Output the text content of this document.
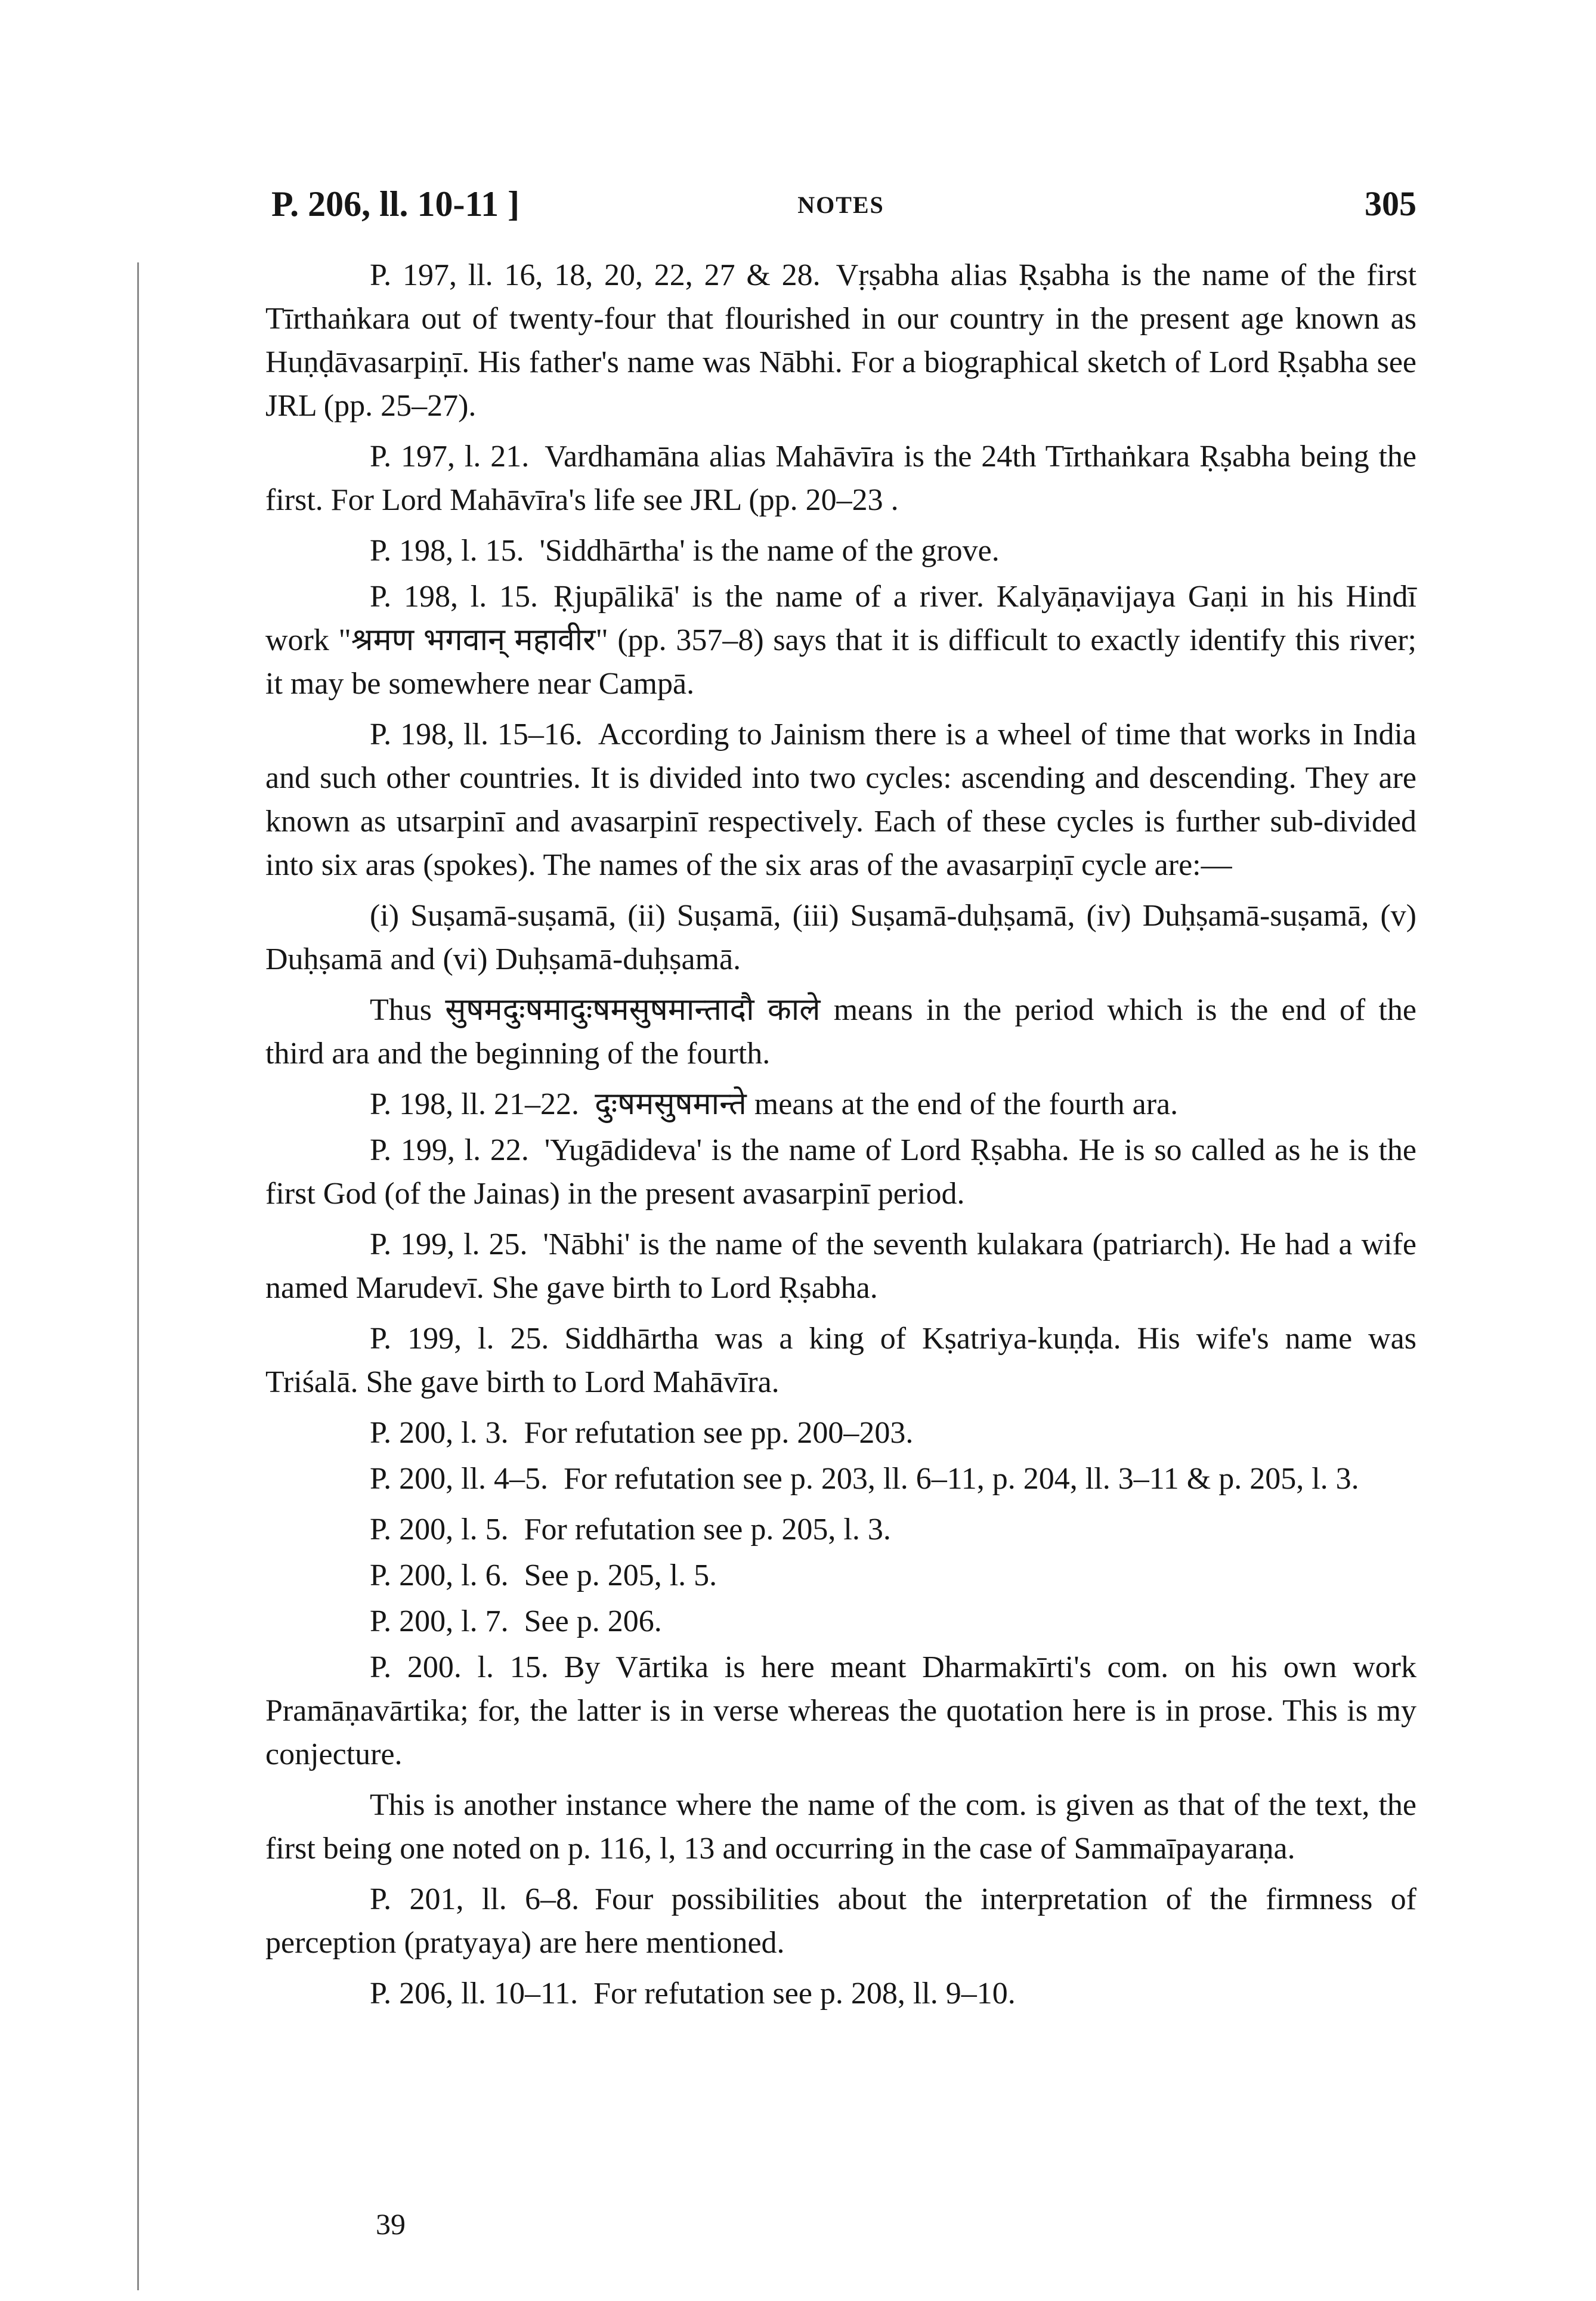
P. 206, ll. 10-11 ]	NOTES	305

P. 197, ll. 16, 18, 20, 22, 27 & 28. Vṛṣabha alias Ṛṣabha is the name of the first Tīrthaṅkara out of twenty-four that flourished in our country in the present age known as Huṇḍāvasarpiṇī. His father's name was Nābhi. For a biographical sketch of Lord Ṛṣabha see JRL (pp. 25–27).

P. 197, l. 21. Vardhamāna alias Mahāvīra is the 24th Tīrthaṅkara Ṛṣabha being the first. For Lord Mahāvīra's life see JRL (pp. 20–23 .

P. 198, l. 15. 'Siddhārtha' is the name of the grove.

P. 198, l. 15. Ṛjupālikā' is the name of a river. Kalyāṇavijaya Gaṇi in his Hindī work "श्रमण भगवान् महावीर" (pp. 357–8) says that it is difficult to exactly identify this river; it may be somewhere near Campā.

P. 198, ll. 15–16. According to Jainism there is a wheel of time that works in India and such other countries. It is divided into two cycles: ascending and descending. They are known as utsarpinī and avasarpinī respectively. Each of these cycles is further sub-divided into six aras (spokes). The names of the six aras of the avasarpiṇī cycle are:—

(i) Suṣamā-suṣamā, (ii) Suṣamā, (iii) Suṣamā-duḥṣamā, (iv) Duḥṣamā-suṣamā, (v) Duḥṣamā and (vi) Duḥṣamā-duḥṣamā.

Thus सुषमदुःषमादुःषमसुषमान्तादौ काले means in the period which is the end of the third ara and the beginning of the fourth.

P. 198, ll. 21–22. दुःषमसुषमान्ते means at the end of the fourth ara.

P. 199, l. 22. 'Yugādideva' is the name of Lord Ṛṣabha. He is so called as he is the first God (of the Jainas) in the present avasarpinī period.

P. 199, l. 25. 'Nābhi' is the name of the seventh kulakara (patriarch). He had a wife named Marudevī. She gave birth to Lord Ṛṣabha.

P. 199, l. 25. Siddhārtha was a king of Kṣatriya-kuṇḍa. His wife's name was Triśalā. She gave birth to Lord Mahāvīra.

P. 200, l. 3. For refutation see pp. 200–203.

P. 200, ll. 4–5. For refutation see p. 203, ll. 6–11, p. 204, ll. 3–11 & p. 205, l. 3.

P. 200, l. 5. For refutation see p. 205, l. 3.

P. 200, l. 6. See p. 205, l. 5.

P. 200, l. 7. See p. 206.

P. 200. l. 15. By Vārtika is here meant Dharmakīrti's com. on his own work Pramāṇavārtika; for, the latter is in verse whereas the quotation here is in prose. This is my conjecture.

This is another instance where the name of the com. is given as that of the text, the first being one noted on p. 116, l, 13 and occurring in the case of Sammaīpayaraṇa.

P. 201, ll. 6–8. Four possibilities about the interpretation of the firmness of perception (pratyaya) are here mentioned.

P. 206, ll. 10–11. For refutation see p. 208, ll. 9–10.

39
